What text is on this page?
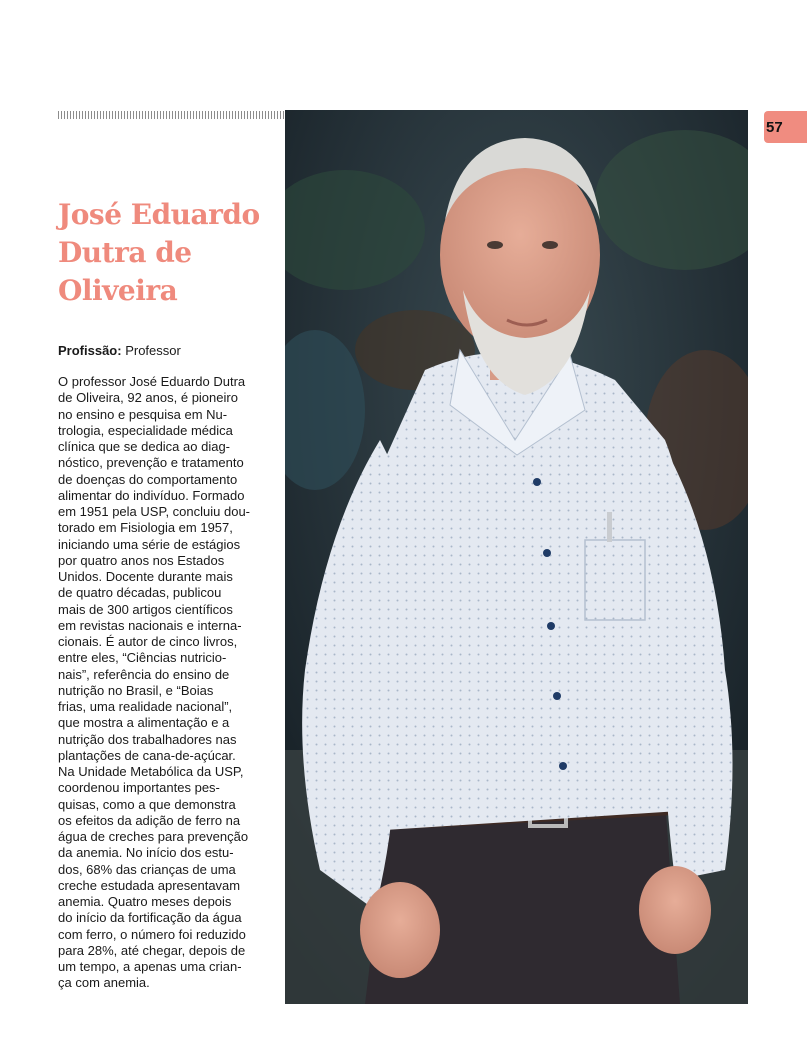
57
José Eduardo
Dutra de
Oliveira
Profissão: Professor
O professor José Eduardo Dutra
de Oliveira, 92 anos, é pioneiro
no ensino e pesquisa em Nu-
trologia, especialidade médica
clínica que se dedica ao diag-
nóstico, prevenção e tratamento
de doenças do comportamento
alimentar do indivíduo. Formado
em 1951 pela USP, concluiu dou-
torado em Fisiologia em 1957,
iniciando uma série de estágios
por quatro anos nos Estados
Unidos. Docente durante mais
de quatro décadas, publicou
mais de 300 artigos científicos
em revistas nacionais e interna-
cionais. É autor de cinco livros,
entre eles, “Ciências nutricio-
nais”, referência do ensino de
nutrição no Brasil, e “Boias
frias, uma realidade nacional”,
que mostra a alimentação e a
nutrição dos trabalhadores nas
plantações de cana-de-açúcar.
Na Unidade Metabólica da USP,
coordenou importantes pes-
quisas, como a que demonstra
os efeitos da adição de ferro na
água de creches para prevenção
da anemia. No início dos estu-
dos, 68% das crianças de uma
creche estudada apresentavam
anemia. Quatro meses depois
do início da fortificação da água
com ferro, o número foi reduzido
para 28%, até chegar, depois de
um tempo, a apenas uma crian-
ça com anemia.
